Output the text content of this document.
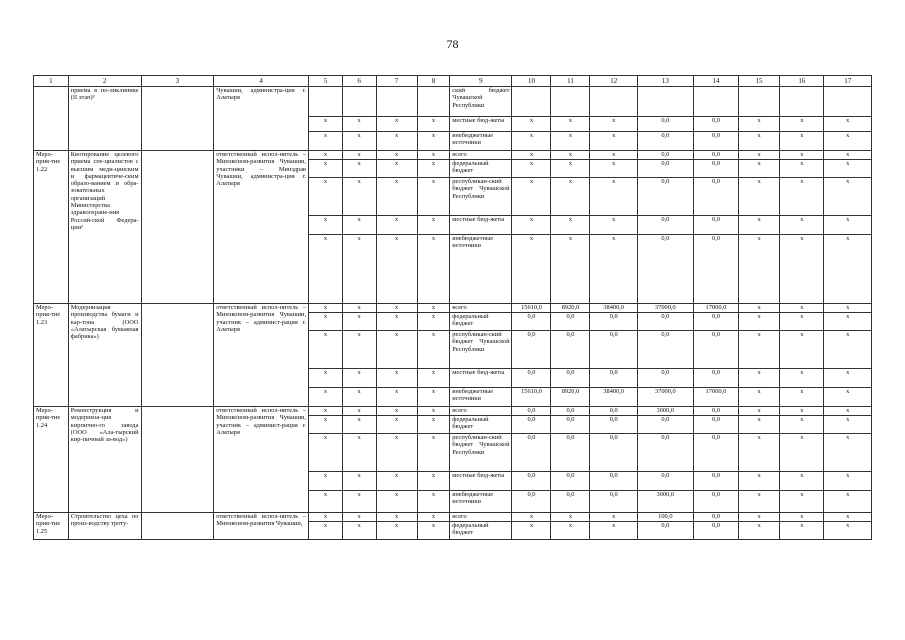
78
1	2	3	4	5	6	7	8	9	10	11	12	13	14	15	16	17
	приема в по-ликлинике (II этап)³		Чувашии, администра-ция г. Алатыря					ский бюджет Чувашской Республики								
				x	x	x	x	местные бюд-жеты	x	x	x	0,0	0,0	x	x	x
				x	x	x	x	внебюджетные источники	x	x	x	0,0	0,0	x	x	x
Меро-прия-тие 1.22	Квотирование целевого приема спе-циалистов с высшим меди-цинским и фармацевтиче-ским образо-ванием и обра-зовательных организаций Министерства здравоохране-ния Россий-ской Федера-ции³		ответственный испол-нитель – Минэконом-развития Чувашии, участники – Минздрав Чувашии, администра-ция г. Алатыря	x	x	x	x	всего	x	x	x	0,0	0,0	x	x	x
				x	x	x	x	федеральный бюджет	x	x	x	0,0	0,0	x	x	x
				x	x	x	x	республикан-ский бюджет Чувашской Республики	x	x	x	0,0	0,0	x	x	x
				x	x	x	x	местные бюд-жеты	x	x	x	0,0	0,0	x	x	x
				x	x	x	x	внебюджетные источники	x	x	x	0,0	0,0	x	x	x
Меро-прия-тие 1.23	Модернизация производства бумаги и кар-тона (ООО «Алатырская бумажная фабрика»)		ответственный испол-нитель – Минэконом-развития Чувашии, участник – админист-рация г. Алатыря	x	x	x	x	всего	15610,0	8920,0	38400,0	37000,0	17000,0	x	x	x
				x	x	x	x	федеральный бюджет	0,0	0,0	0,0	0,0	0,0	x	x	x
				x	x	x	x	республикан-ский бюджет Чувашской Республики	0,0	0,0	0,0	0,0	0,0	x	x	x
				x	x	x	x	местные бюд-жеты	0,0	0,0	0,0	0,0	0,0	x	x	x
				x	x	x	x	внебюджетные источники	15610,0	8920,0	38400,0	37000,0	17000,0	x	x	x
Меро-прия-тие 1.24	Реконструкция и модерниза-ция кирпично-го завода (ООО «Ала-тырский кир-пичный за-вод»)		ответственный испол-нитель – Минэконом-развития Чувашии, участник – админист-рация г. Алатыря	x	x	x	x	всего	0,0	0,0	0,0	3000,0	0,0	x	x	x
				x	x	x	x	федеральный бюджет	0,0	0,0	0,0	0,0	0,0	x	x	x
				x	x	x	x	республикан-ский бюджет Чувашской Республики	0,0	0,0	0,0	0,0	0,0	x	x	x
				x	x	x	x	местные бюд-жеты	0,0	0,0	0,0	0,0	0,0	x	x	x
				x	x	x	x	внебюджетные источники	0,0	0,0	0,0	3000,0	0,0	x	x	x
Меро-прия-тие 1.25	Строительство цеха по произ-водству троту-		ответственный испол-нитель – Минэконом-развития Чувашии,	x	x	x	x	всего	x	x	x	100,0	0,0	x	x	x
				x	x	x	x	федеральный бюджет	x	x	x	0,0	0,0	x	x	x
